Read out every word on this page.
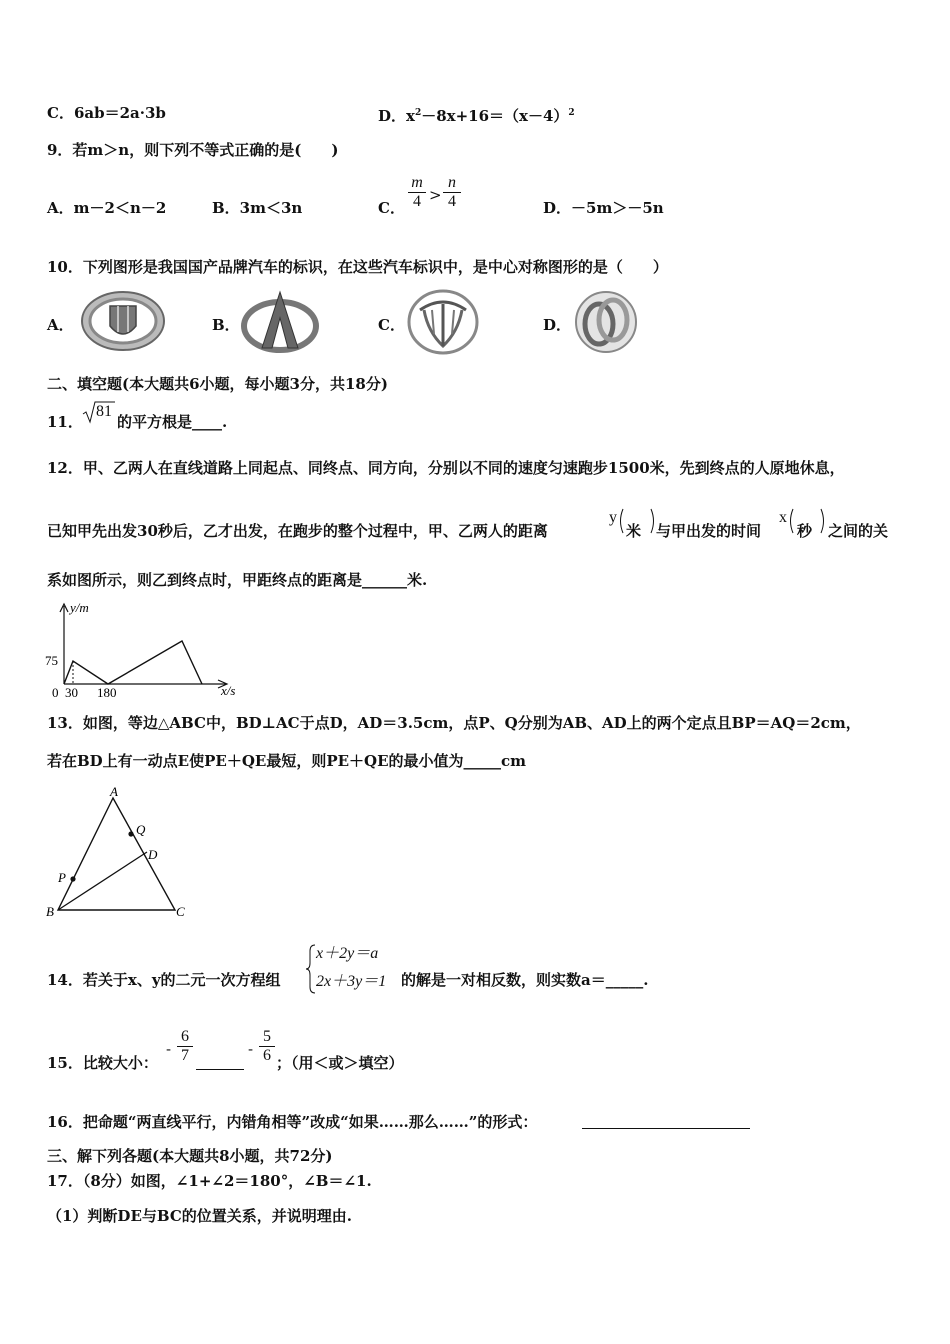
C．6ab＝2a·3b	D．$x^2-8x+16=(x-4)^2$
9．若m＞n，则下列不等式正确的是(　　)
A．m－2＜n－2	B．3m＜3n	C． $\frac{m}{4} > \frac{n}{4}$	D．－5m＞－5n
10．下列图形是我国国产品牌汽车的标识，在这些汽车标识中，是中心对称图形的是（　　）
A．	B．	C．	D．
二、填空题(本大题共6小题，每小题3分，共18分)
11．
81
的平方根是____.
12．甲、乙两人在直线道路上同起点、同终点、同方向，分别以不同的速度匀速跑步1500米，先到终点的人原地休息，
已知甲先出发30秒后，乙才出发，在跑步的整个过程中，甲、乙两人的距离
y
米 与甲出发的时间
x
秒 之间的关
系如图所示，则乙到终点时，甲距终点的距离是______米.
y/m
x/s
75
0 30 180
13．如图，等边△ABC中，BD⊥AC于点D，AD＝3.5cm，点P、Q分别为AB、AD上的两个定点且BP＝AQ＝2cm，
若在BD上有一动点E使PE＋QE最短，则PE＋QE的最小值为_____cm
A
Q
D
P
B	C
14．若关于x、y的二元一次方程组
x＋2y＝a
2x＋3y＝1 的解是一对相反数，则实数a＝_____.
15．比较大小：
- $\frac{6}{7}$	- $\frac{5}{6}$ ；（用＜或＞填空）
16．把命题“两直线平行，内错角相等”改成“如果……那么……”的形式：
三、解下列各题(本大题共8小题，共72分)
17．（8分）如图，∠1+∠2＝180°，∠B＝∠1.
（1）判断DE与BC的位置关系，并说明理由.
